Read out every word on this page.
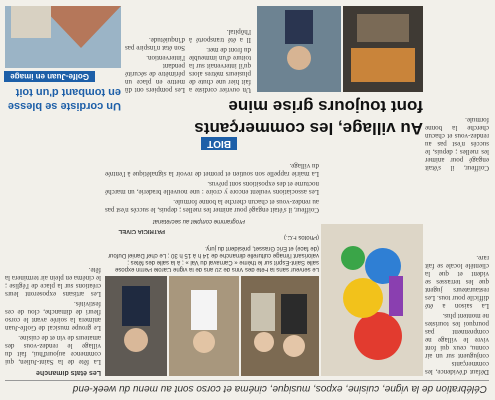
Célébration de la vigne, cuisine, expos, musique, cinéma et corso sont au menu du week-end

Défaut d'évidence, les commerçants conjuguent sur un air connu, ceux qui font vivre le village ne comprennent pas pourquoi les touristes ne montent plus.

La saison a été difficile pour tous. Les restaurateurs jugent que les terrasses se vident et que la clientèle locale se fait rare.

Les états dimanche

La fête de la Saint-Julien, qui commence aujourd'hui, fait du village le rendez-vous des amateurs de vin et de cuisine.

Le groupe musical de Golfe-Juan animera la soirée avant le corso fleuri de dimanche, clou de ces festivités.

Les artisans exposeront leurs créations sur la place de l'église ; le cinéma en plein air terminera la fête.	Le serveur sans la Fête des Vins de 20 ans de la vigne Carole Perrin expose salle Saint-Esprit sur le thème « Carnaval du Val » ; à la salle des fêtes ; valorisant l'image culturelle dimanche de 14 h à 15 h 30 ; Le chef Daniel Dufour (de face) et Eric Grasset, président du jury.
(Photos F.C.)
PATRICIA CIVEL
Programme complet au secrétariat

Coiffeur, il s'était engagé pour animer les ruelles ; depuis, le succès n'est pas au rendez-vous et chacun cherche la bonne formule.

Les associations veulent encore y croire : une nouvelle braderie, un marché nocturne et des expositions sont prévus.

La mairie rappelle son soutien et promet de revoir la signalétique à l'entrée du village.

BIOT
Au village, les commerçants
font toujours grise mine

Coiffeur, il s'était engagé pour animer les ruelles ; depuis, le succès n'est pas au rendez-vous et chacun cherche la bonne formule.

Un ouvrier cordiste a fait hier une chute de plusieurs mètres alors qu'il intervenait sur la toiture d'un immeuble du front de mer.

Il a été transporté à l'hôpital.

Les pompiers ont dû mettre en place un périmètre de sécurité pendant l'intervention.

Son état n'inspire pas d'inquiétude.

Un cordiste se blesse
en tombant d'un toit
Golfe-Juan en image
